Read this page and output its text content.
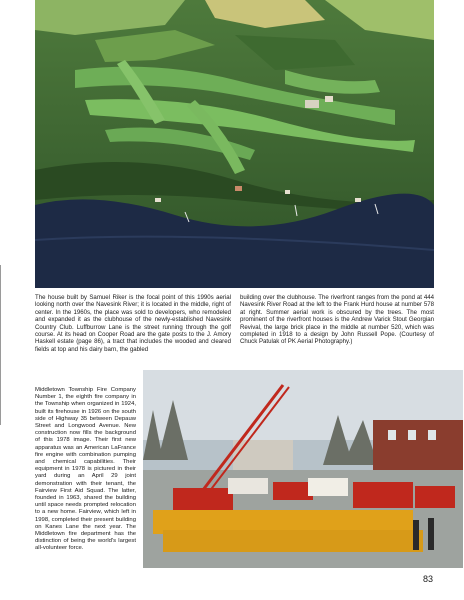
The house built by Samuel Riker is the focal point of this 1990s aerial looking north over the Navesink River; it is located in the middle, right of center. In the 1960s, the place was sold to developers, who remodeled and expanded it as the clubhouse of the newly-established Navesink Country Club. Luffburrow Lane is the street running through the golf course. At its head on Cooper Road are the gate posts to the J. Amory Haskell estate (page 86), a tract that includes the wooded and cleared fields at top and his dairy barn, the gabled

building over the clubhouse. The riverfront ranges from the pond at 444 Navesink River Road at the left to the Frank Hurd house at number 578 at right. Summer aerial work is obscured by the trees. The most prominent of the riverfront houses is the Andrew Varick Stout Georgian Revival, the large brick place in the middle at number 520, which was completed in 1918 to a design by John Russell Pope. (Courtesy of Chuck Patulak of PK Aerial Photography.)

Middletown Township Fire Company Number 1, the eighth fire company in the Township when organized in 1924, built its firehouse in 1926 on the south side of Highway 35 between Depauw Street and Longwood Avenue. New construction now fills the background of this 1978 image. Their first new apparatus was an American LaFrance fire engine with combination pumping and chemical capabilities. Their equipment in 1978 is pictured in their yard during an April 29 joint demonstration with their tenant, the Fairview First Aid Squad. The latter, founded in 1963, shared the building until space needs prompted relocation to a new home. Fairview, which left in 1998, completed their present building on Kanes Lane the next year. The Middletown fire department has the distinction of being the world's largest all-volunteer force.

83
